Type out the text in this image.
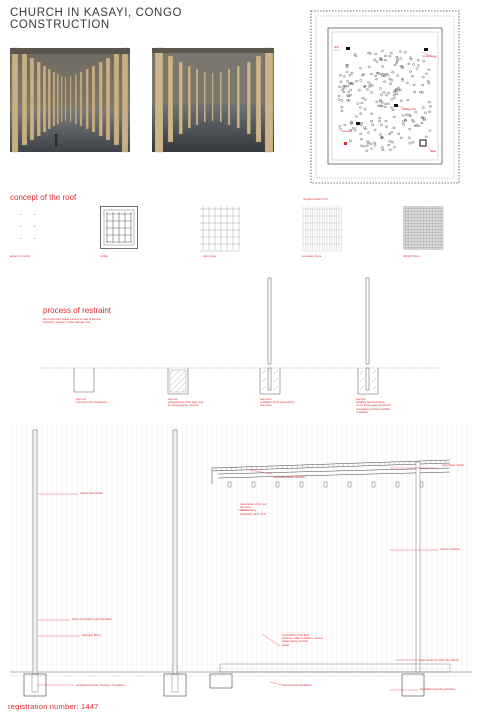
CHURCH IN KASAYI, CONGO
CONSTRUCTION
altar
confessional
seating area
entrance
tower
concept of the roof	roof grid model 1:100
layout of columns	roofing	main frame	secondary frame	stiff grid frame
process of restraint
the construction needs a strong in case of damage
caused by weather or other damage risks
step one
concrete in the foundations
step two
strengthening of the steel rings
for supporting the columns
step three
installation of the steel column
and stone
step four
installing deck and beam
on the frame space formed for
connection and the possibility
of welding
coated steel section
main frame / timber
secondary frame / hardfiber
construction of the roof
rain cover
waterproofing
hardboard, 30.6 / 22.8
column / bamboo
frame connection to the foundation
steel pipe 80mm	connections of the floor
concrete, rubber modules + cement
waterproofing, bonded
gravel
steel rebars for carrier the column
reinforced concrete / footings + foundation	rammed earth foundations
foundations and the grounding
registration number: 1447
